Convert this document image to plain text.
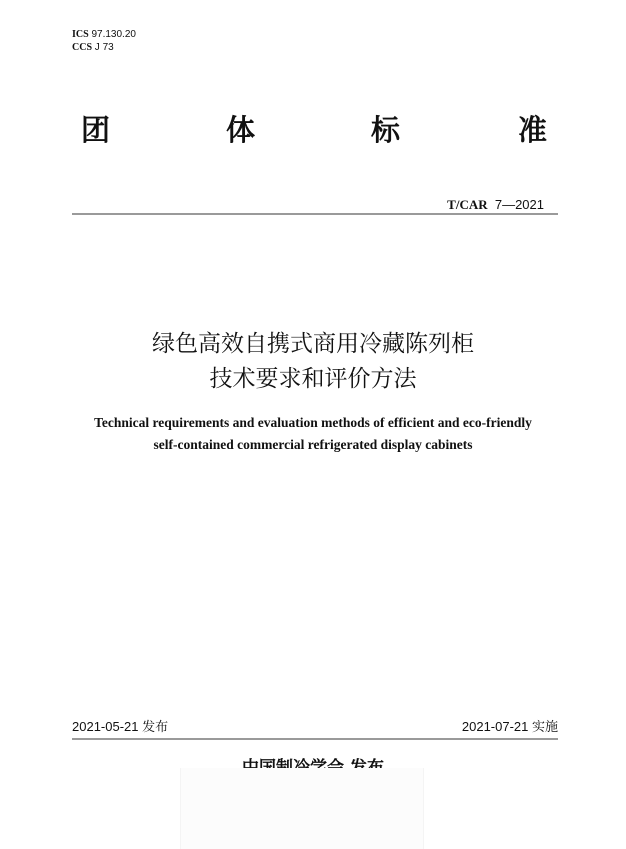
ICS 97.130.20
CCS J 73
团	体	标	准
T/CAR 7—2021
绿色高效自携式商用冷藏陈列柜
技术要求和评价方法
Technical requirements and evaluation methods of efficient and eco-friendly
self-contained commercial refrigerated display cabinets
2021-05-21 发布	2021-07-21 实施
